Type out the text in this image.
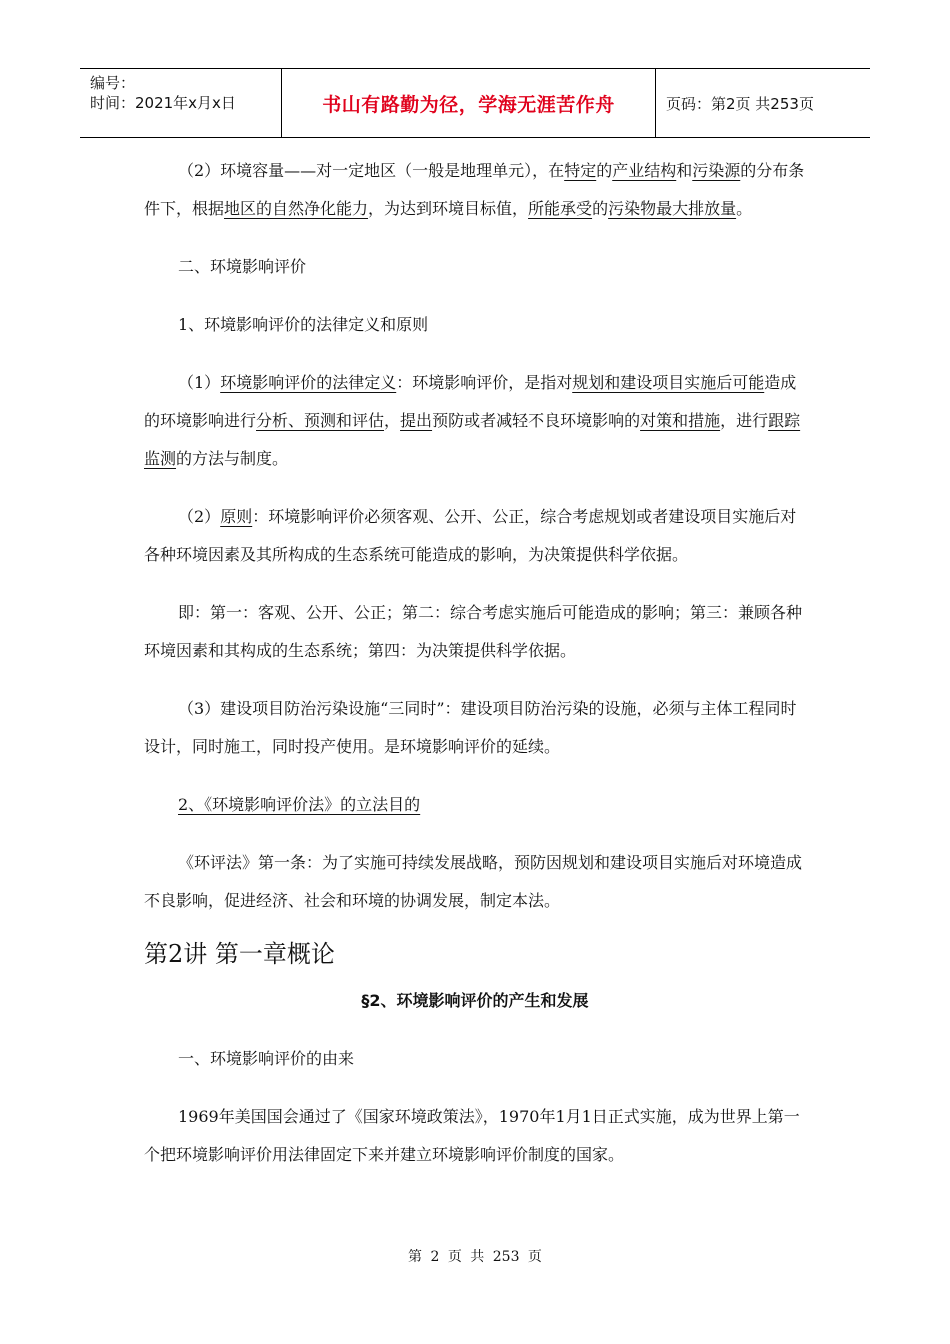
编号：
时间：2021年x月x日	书山有路勤为径，学海无涯苦作舟	页码：第2页 共253页

（2）环境容量——对一定地区（一般是地理单元），在特定的产业结构和污染源的分布条件下，根据地区的自然净化能力，为达到环境目标值，所能承受的污染物最大排放量。

二、环境影响评价

1、环境影响评价的法律定义和原则

（1）环境影响评价的法律定义：环境影响评价，是指对规划和建设项目实施后可能造成的环境影响进行分析、预测和评估，提出预防或者减轻不良环境影响的对策和措施，进行跟踪监测的方法与制度。

（2）原则：环境影响评价必须客观、公开、公正，综合考虑规划或者建设项目实施后对各种环境因素及其所构成的生态系统可能造成的影响，为决策提供科学依据。

即：第一：客观、公开、公正；第二：综合考虑实施后可能造成的影响；第三：兼顾各种环境因素和其构成的生态系统；第四：为决策提供科学依据。

（3）建设项目防治污染设施“三同时”：建设项目防治污染的设施，必须与主体工程同时设计，同时施工，同时投产使用。是环境影响评价的延续。

2、《环境影响评价法》的立法目的

《环评法》第一条：为了实施可持续发展战略，预防因规划和建设项目实施后对环境造成不良影响，促进经济、社会和环境的协调发展，制定本法。

第2讲 第一章概论

§2、环境影响评价的产生和发展

一、环境影响评价的由来

1969年美国国会通过了《国家环境政策法》，1970年1月1日正式实施，成为世界上第一个把环境影响评价用法律固定下来并建立环境影响评价制度的国家。

第 2 页 共 253 页
